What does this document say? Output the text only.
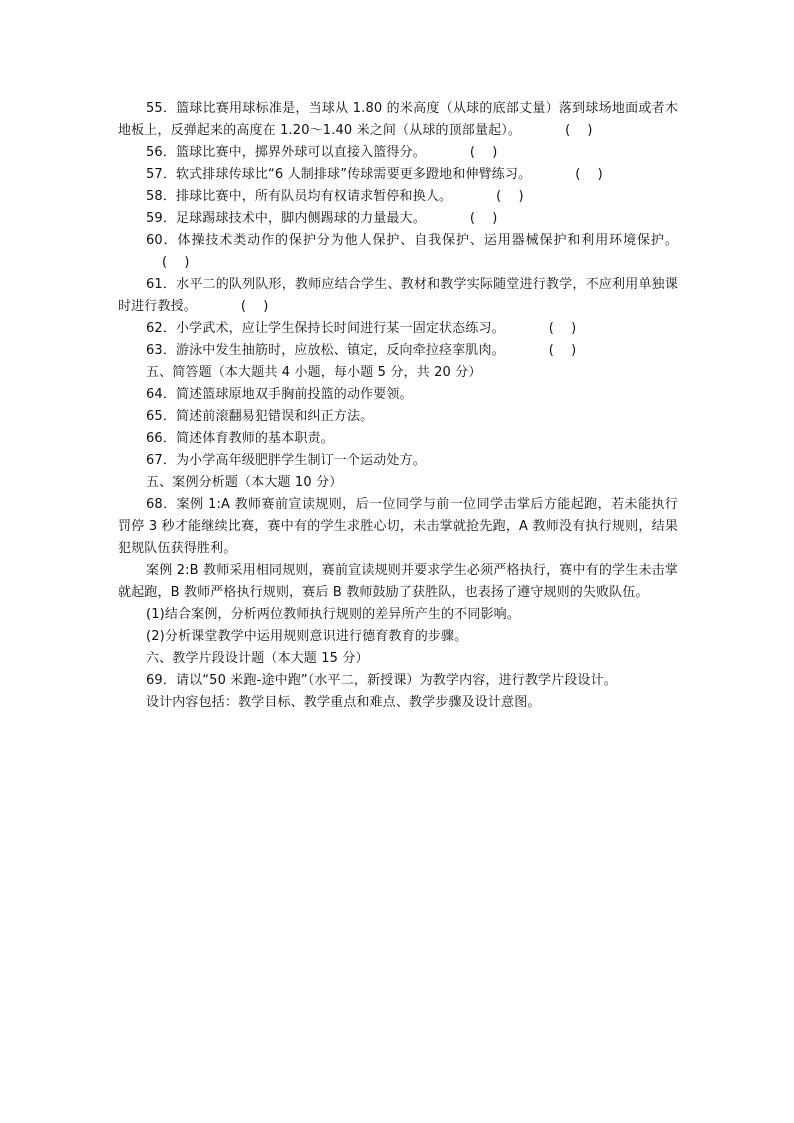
55．篮球比赛用球标准是，当球从 1.80 的米高度（从球的底部丈量）落到球场地面或者木地板上，反弹起来的高度在 1.20～1.40 米之间（从球的顶部量起）。	(    )

56．篮球比赛中，掷界外球可以直接入篮得分。	(    )

57．软式排球传球比“6 人制排球”传球需要更多蹬地和伸臂练习。	(    )

58．排球比赛中，所有队员均有权请求暂停和换人。	(    )

59．足球踢球技术中，脚内侧踢球的力量最大。	(    )

60．体操技术类动作的保护分为他人保护、自我保护、运用器械保护和利用环境保护。(    )

61．水平二的队列队形，教师应结合学生、教材和教学实际随堂进行教学，不应利用单独课时进行教授。	(    )

62．小学武术，应让学生保持长时间进行某一固定状态练习。	(    )

63．游泳中发生抽筋时，应放松、镇定，反向牵拉痉挛肌肉。	(    )

五、简答题（本大题共 4 小题，每小题 5 分，共 20 分）

64．简述篮球原地双手胸前投篮的动作要领。

65．简述前滚翻易犯错误和纠正方法。

66．简述体育教师的基本职责。

67．为小学高年级肥胖学生制订一个运动处方。

五、案例分析题（本大题 10 分）

68．案例 1:A 教师赛前宣读规则，后一位同学与前一位同学击掌后方能起跑，若未能执行罚停 3 秒才能继续比赛，赛中有的学生求胜心切，未击掌就抢先跑，A 教师没有执行规则，结果犯规队伍获得胜利。

案例 2:B 教师采用相同规则，赛前宣读规则并要求学生必须严格执行，赛中有的学生未击掌就起跑，B 教师严格执行规则，赛后 B 教师鼓励了获胜队，也表扬了遵守规则的失败队伍。

(1)结合案例，分析两位教师执行规则的差异所产生的不同影响。

(2)分析课堂教学中运用规则意识进行德育教育的步骤。

六、教学片段设计题（本大题 15 分）

69．请以“50 米跑-途中跑”（水平二，新授课）为教学内容，进行教学片段设计。

设计内容包括：教学目标、教学重点和难点、教学步骤及设计意图。
